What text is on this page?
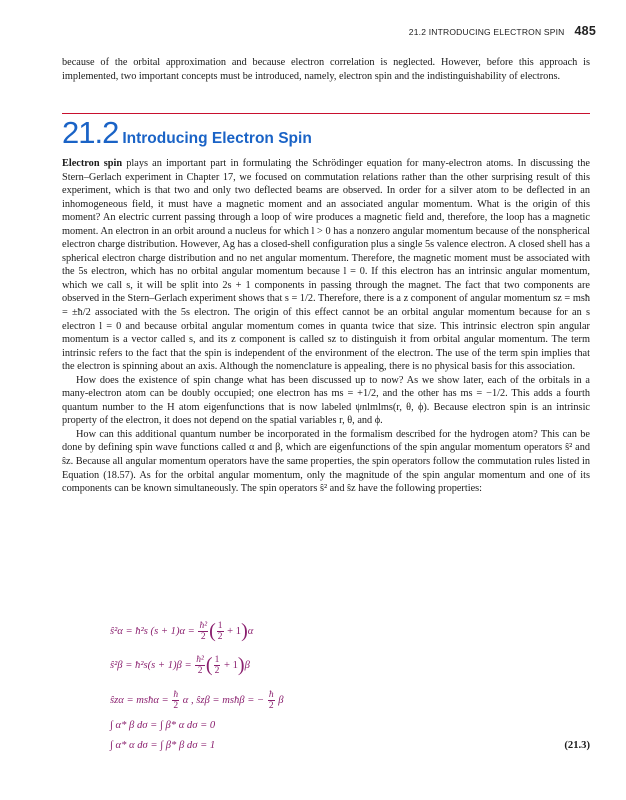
21.2 INTRODUCING ELECTRON SPIN 485

because of the orbital approximation and because electron correlation is neglected. However, before this approach is implemented, two important concepts must be introduced, namely, electron spin and the indistinguishability of electrons.

21.2 Introducing Electron Spin

Electron spin plays an important part in formulating the Schrödinger equation for many-electron atoms. In discussing the Stern–Gerlach experiment in Chapter 17, we focused on commutation relations rather than the other surprising result of this experiment, which is that two and only two deflected beams are observed. In order for a silver atom to be deflected in an inhomogeneous field, it must have a magnetic moment and an associated angular momentum. What is the origin of this moment? An electric current passing through a loop of wire produces a magnetic field and, therefore, the loop has a magnetic moment. An electron in an orbit around a nucleus for which l > 0 has a nonzero angular momentum because of the nonspherical electron charge distribution. However, Ag has a closed-shell configuration plus a single 5s valence electron. A closed shell has a spherical electron charge distribution and no net angular momentum. Therefore, the magnetic moment must be associated with the 5s electron, which has no orbital angular momentum because l = 0. If this electron has an intrinsic angular momentum, which we call s, it will be split into 2s + 1 components in passing through the magnet. The fact that two components are observed in the Stern–Gerlach experiment shows that s = 1/2. Therefore, there is a z component of angular momentum sz = msħ = ±ħ/2 associated with the 5s electron. The origin of this effect cannot be an orbital angular momentum because for an s electron l = 0 and because orbital angular momentum comes in quanta twice that size. This intrinsic electron spin angular momentum is a vector called s, and its z component is called sz to distinguish it from orbital angular momentum. The term intrinsic refers to the fact that the spin is independent of the environment of the electron. The use of the term spin implies that the electron is spinning about an axis. Although the nomenclature is appealing, there is no physical basis for this association.

How does the existence of spin change what has been discussed up to now? As we show later, each of the orbitals in a many-electron atom can be doubly occupied; one electron has ms = +1/2, and the other has ms = −1/2. This adds a fourth quantum number to the H atom eigenfunctions that is now labeled ψnlmlms(r, θ, ϕ). Because electron spin is an intrinsic property of the electron, it does not depend on the spatial variables r, θ, and ϕ.

How can this additional quantum number be incorporated in the formalism described for the hydrogen atom? This can be done by defining spin wave functions called α and β, which are eigenfunctions of the spin angular momentum operators ŝ² and ŝz. Because all angular momentum operators have the same properties, the spin operators follow the commutation rules listed in Equation (18.57). As for the orbital angular momentum, only the magnitude of the spin angular momentum and one of its components can be known simultaneously. The spin operators ŝ² and ŝz have the following properties:

ŝ²α = ħ²s $(s + 1)\alpha = \frac{\text{ħ²}}{2}$ ( $\frac{1}{2} + 1)\alpha$
ŝ²β = ħ²s(s + $1)\beta = \frac{\text{ħ²}}{2}$ ( $\frac{1}{2} + 1)\beta$
ŝzα = msħα = $\frac{ħ}{2}$ α , ŝzβ = msħβ = − $\frac{ħ}{2}$ β
∫ α* β dσ = ∫ β* α dσ = 0
∫ α* α dσ = ∫ β* β dσ = 1	(21.3)
